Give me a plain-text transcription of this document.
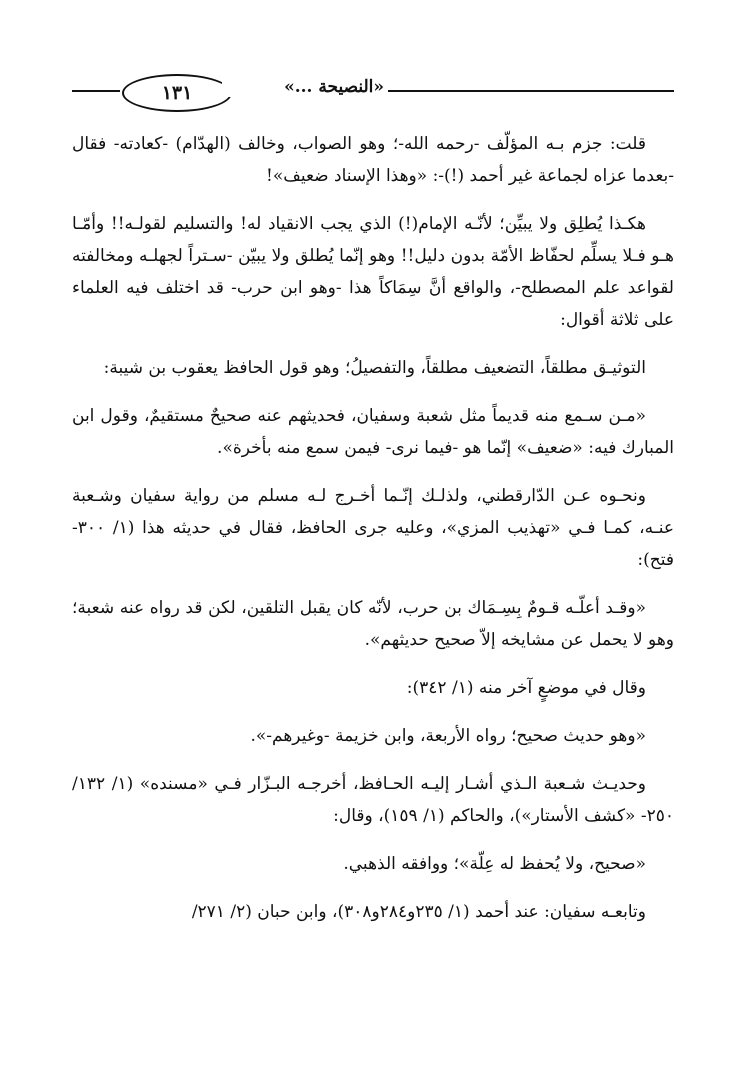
١٣١	«النصيحة ...»

قلت: جزم بـه المؤلّف -رحمه الله-؛ وهو الصواب، وخالف (الهدّام) -كعادته- فقال -بعدما عزاه لجماعة غير أحمد (!)-: «وهذا الإسناد ضعيف»!

هكـذا يُطلِق ولا يبيِّن؛ لأنّـه الإمام(!) الذي يجب الانقياد له! والتسليم لقولـه!! وأمّـا هـو فـلا يسلِّم لحفّاظ الأمّة بدون دليل!! وهو إنّما يُطلق ولا يبيّن -سـتراً لجهلـه ومخالفته لقواعد علم المصطلح-، والواقع أنَّ سِمَاكاً هذا -وهو ابن حرب- قد اختلف فيه العلماء على ثلاثة أقوال:

التوثيـق مطلقاً، التضعيف مطلقاً، والتفصيلُ؛ وهو قول الحافظ يعقوب بن شيبة:

«مـن سـمع منه قديماً مثل شعبة وسفيان، فحديثهم عنه صحيحٌ مستقيمٌ، وقول ابن المبارك فيه: «ضعيف» إنّما هو -فيما نرى- فيمن سمع منه بأخرة».

ونحـوه عـن الدّارقطني، ولذلـك إنّـما أخـرج لـه مسلم من رواية سفيان وشـعبة عنـه، كمـا فـي «تهذيب المزي»، وعليه جرى الحافظ، فقال في حديثه هذا (١/ ٣٠٠- فتح):

«وقـد أعلّـه قـومٌ بِسِـمَاك بن حرب، لأنّه كان يقبل التلقين، لكن قد رواه عنه شعبة؛ وهو لا يحمل عن مشايخه إلاّ صحيح حديثهم».

وقال في موضعٍ آخر منه (١/ ٣٤٢):

«وهو حديث صحيح؛ رواه الأربعة، وابن خزيمة -وغيرهم-».

وحديـث شـعبة الـذي أشـار إليـه الحـافظ، أخرجـه البـزّار فـي «مسنده» (١/ ١٣٢/ ٢٥٠- «كشف الأستار»)، والحاكم (١/ ١٥٩)، وقال:

«صحيح، ولا يُحفظ له عِلّة»؛ ووافقه الذهبي.

وتابعـه سفيان: عند أحمد (١/ ٢٣٥و٢٨٤و٣٠٨)، وابن حبان (٢/ ٢٧١/
